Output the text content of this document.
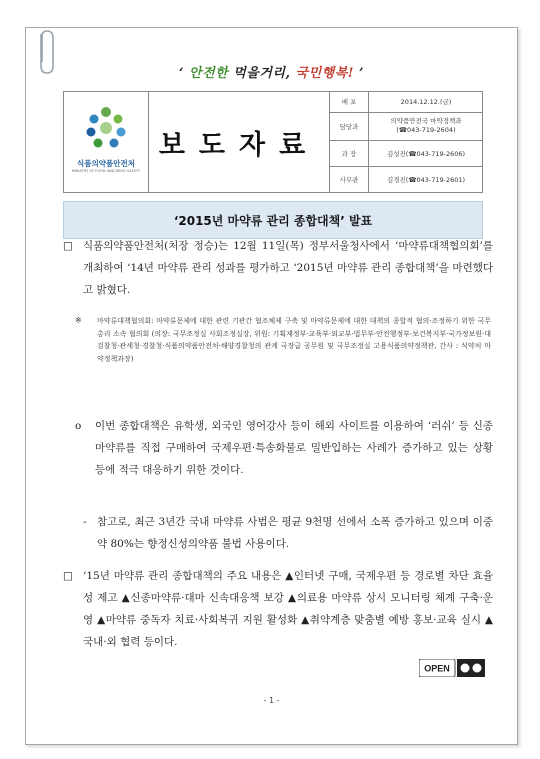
‘ 안전한 먹을거리, 국민행복! ’
식품의약품안전처
MINISTRY OF FOOD AND DRUG SAFETY
보도자료
배 포	2014.12.12.(금)
담당과	의약품안전국 마약정책과
(☎043-719-2604)
과 장	김성진(☎043-719-2606)
사무관	김경진(☎043-719-2601)
‘2015년 마약류 관리 종합대책’ 발표
□ 식품의약품안전처(처장 정승)는 12월 11일(목) 정부서울청사에서 ‘마약류대책협의회’를 개최하여 ‘14년 마약류 관리 성과를 평가하고 ‘2015년 마약류 관리 종합대책’을 마련했다고 밝혔다.
※ 마약류대책협의회: 마약류문제에 대한 관련 기관간 협조체제 구축 및 마약류문제에 대한 대책의 종합적 협의·조정하기 위한 국무총리 소속 협의회 (의장: 국무조정실 사회조정실장, 위원: 기획재정부·교육부·외교부·법무부·안전행정부·보건복지부·국가정보원·대검찰청·관세청·경찰청·식품의약품안전처·해양경찰청의 관계 국장급 공무원 및 국무조정실 고용식품의약정책관, 간사 : 식약처 마약정책과장)
o 이번 종합대책은 유학생, 외국인 영어강사 등이 해외 사이트를 이용하여 ‘러쉬’ 등 신종 마약류를 직접 구매하여 국제우편·특송화물로 밀반입하는 사례가 증가하고 있는 상황 등에 적극 대응하기 위한 것이다.
- 참고로, 최근 3년간 국내 마약류 사범은 평균 9천명 선에서 소폭 증가하고 있으며 이중 약 80%는 향정신성의약품 불법 사용이다.
□ ‘15년 마약류 관리 종합대책의 주요 내용은 ▲인터넷 구매, 국제우편 등 경로별 차단 효율성 제고 ▲신종마약류·대마 신속대응책 보강 ▲의료용 마약류 상시 모니터링 체계 구축·운영 ▲마약류 중독자 치료·사회복귀 지원 활성화 ▲취약계층 맞춤별 예방 홍보·교육 실시 ▲국내·외 협력 등이다.
OPEN
- 1 -
